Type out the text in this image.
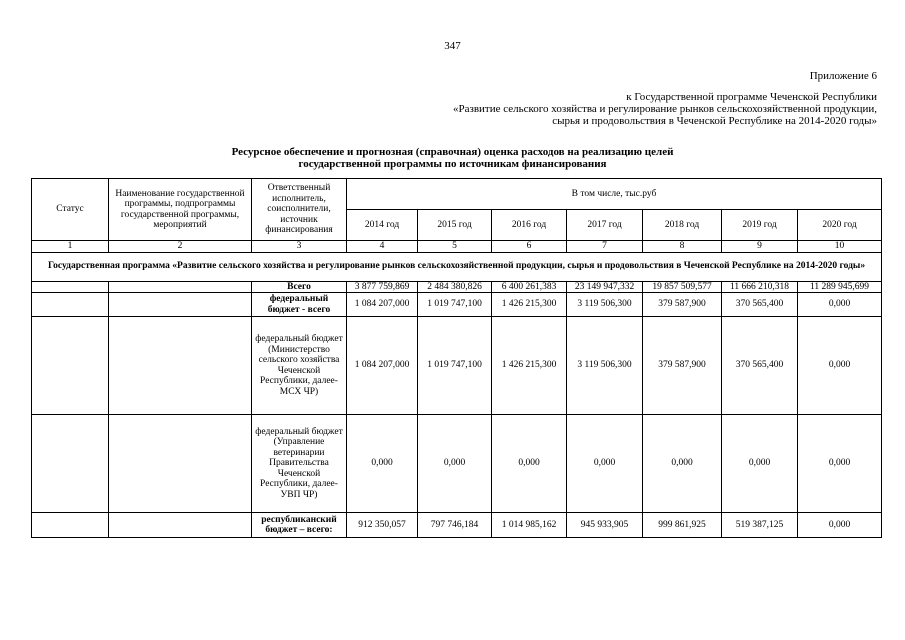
347
Приложение 6
к Государственной программе Чеченской Республики
«Развитие сельского хозяйства и регулирование рынков сельскохозяйственной продукции,
сырья и продовольствия в Чеченской Республике на 2014-2020 годы»
Ресурсное обеспечение и прогнозная (справочная) оценка расходов на реализацию целей
государственной программы по источникам финансирования
Статус	Наименование государственной программы, подпрограммы государственной программы, мероприятий	Ответственный исполнитель, соисполнители, источник финансирования	В том числе, тыс.руб						
			2014 год	2015 год	2016 год	2017 год	2018 год	2019 год	2020 год
1	2	3	4	5	6	7	8	9	10
Государственная программа «Развитие сельского хозяйства и регулирование рынков сельскохозяйственной продукции, сырья и продовольствия в Чеченской Республике на 2014-2020 годы»									
		Всего	3 877 759,869	2 484 380,826	6 400 261,383	23 149 947,332	19 857 509,577	11 666 210,318	11 289 945,699
		федеральный бюджет - всего	1 084 207,000	1 019 747,100	1 426 215,300	3 119 506,300	379 587,900	370 565,400	0,000
		федеральный бюджет (Министерство сельского хозяйства Чеченской Республики, далее-МСХ ЧР)	1 084 207,000	1 019 747,100	1 426 215,300	3 119 506,300	379 587,900	370 565,400	0,000
		федеральный бюджет (Управление ветеринарии Правительства Чеченской Республики, далее-УВП ЧР)	0,000	0,000	0,000	0,000	0,000	0,000	0,000
		республиканский бюджет – всего:	912 350,057	797 746,184	1 014 985,162	945 933,905	999 861,925	519 387,125	0,000
